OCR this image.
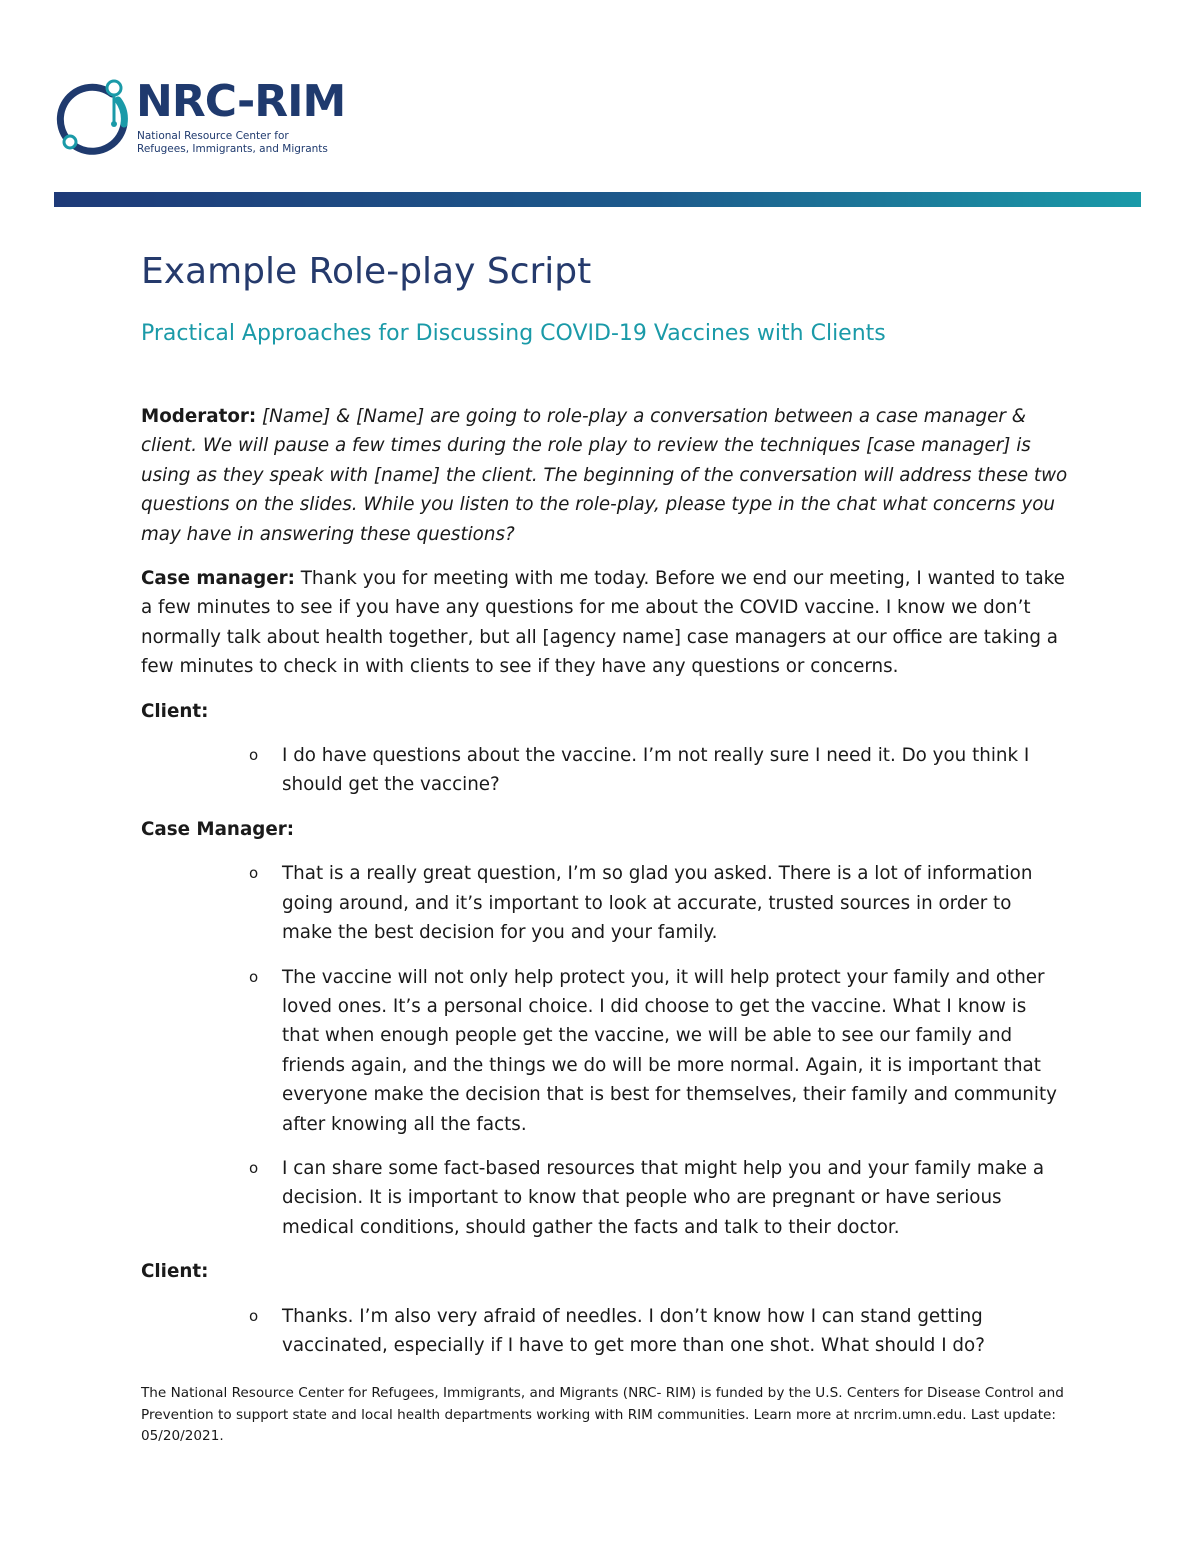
NRC-RIM
National Resource Center for
Refugees, Immigrants, and Migrants
Example Role-play Script
Practical Approaches for Discussing COVID-19 Vaccines with Clients

Moderator: [Name] & [Name] are going to role-play a conversation between a case manager & client. We will pause a few times during the role play to review the techniques [case manager] is using as they speak with [name] the client. The beginning of the conversation will address these two questions on the slides. While you listen to the role-play, please type in the chat what concerns you may have in answering these questions?

Case manager: Thank you for meeting with me today. Before we end our meeting, I wanted to take a few minutes to see if you have any questions for me about the COVID vaccine. I know we don’t normally talk about health together, but all [agency name] case managers at our office are taking a few minutes to check in with clients to see if they have any questions or concerns.

Client:

o I do have questions about the vaccine. I’m not really sure I need it. Do you think I should get the vaccine?

Case Manager:

o That is a really great question, I’m so glad you asked. There is a lot of information going around, and it’s important to look at accurate, trusted sources in order to make the best decision for you and your family.
o The vaccine will not only help protect you, it will help protect your family and other loved ones. It’s a personal choice. I did choose to get the vaccine. What I know is that when enough people get the vaccine, we will be able to see our family and friends again, and the things we do will be more normal. Again, it is important that everyone make the decision that is best for themselves, their family and community after knowing all the facts.
o I can share some fact-based resources that might help you and your family make a decision. It is important to know that people who are pregnant or have serious medical conditions, should gather the facts and talk to their doctor.

Client:

o Thanks. I’m also very afraid of needles. I don’t know how I can stand getting vaccinated, especially if I have to get more than one shot. What should I do?
The National Resource Center for Refugees, Immigrants, and Migrants (NRC- RIM) is funded by the U.S. Centers for Disease Control and Prevention to support state and local health departments working with RIM communities. Learn more at nrcrim.umn.edu. Last update: 05/20/2021.
